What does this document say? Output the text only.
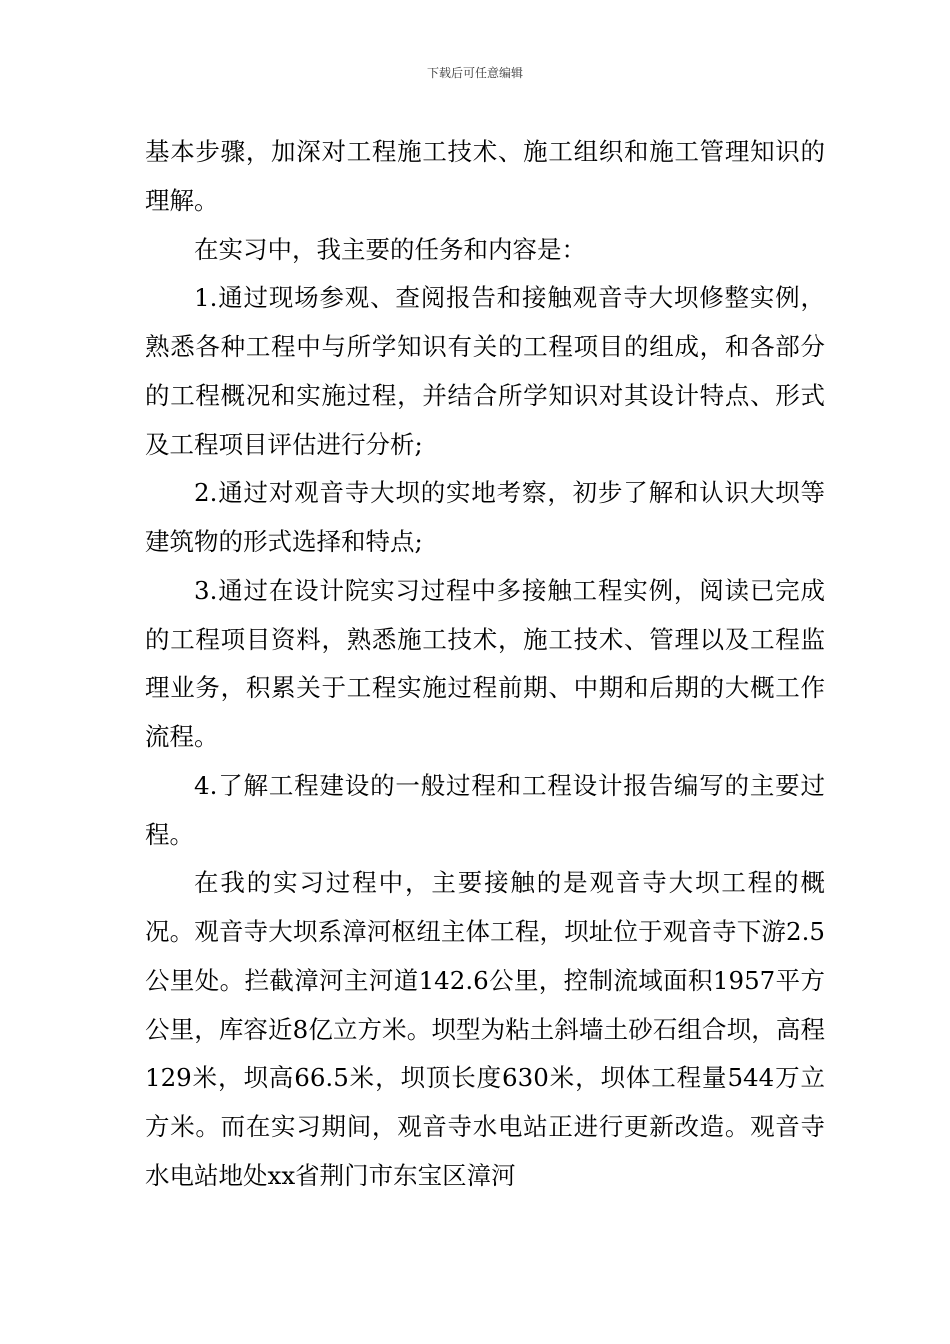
下载后可任意编辑

基本步骤，加深对工程施工技术、施工组织和施工管理知识的理解。

在实习中，我主要的任务和内容是：

1.通过现场参观、查阅报告和接触观音寺大坝修整实例，熟悉各种工程中与所学知识有关的工程项目的组成，和各部分的工程概况和实施过程，并结合所学知识对其设计特点、形式及工程项目评估进行分析;

2.通过对观音寺大坝的实地考察，初步了解和认识大坝等建筑物的形式选择和特点;

3.通过在设计院实习过程中多接触工程实例，阅读已完成的工程项目资料，熟悉施工技术，施工技术、管理以及工程监理业务，积累关于工程实施过程前期、中期和后期的大概工作流程。

4.了解工程建设的一般过程和工程设计报告编写的主要过程。

在我的实习过程中，主要接触的是观音寺大坝工程的概况。观音寺大坝系漳河枢纽主体工程，坝址位于观音寺下游2.5公里处。拦截漳河主河道142.6公里，控制流域面积1957平方公里，库容近8亿立方米。坝型为粘土斜墙土砂石组合坝，高程129米，坝高66.5米，坝顶长度630米，坝体工程量544万立方米。而在实习期间，观音寺水电站正进行更新改造。观音寺水电站地处xx省荆门市东宝区漳河
